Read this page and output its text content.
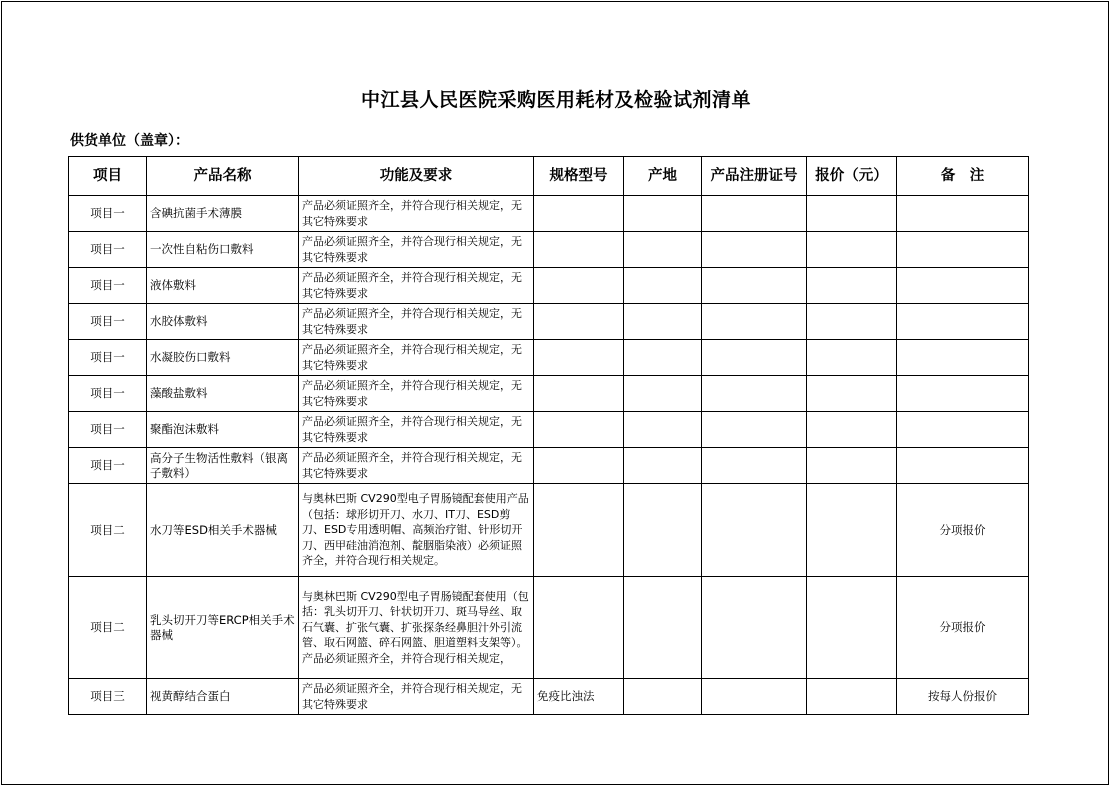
中江县人民医院采购医用耗材及检验试剂清单
供货单位（盖章）：
项目	产品名称	功能及要求	规格型号	产地	产品注册证号	报价（元）	备　注
项目一	含碘抗菌手术薄膜	产品必须证照齐全，并符合现行相关规定，无其它特殊要求					
项目一	一次性自粘伤口敷料	产品必须证照齐全，并符合现行相关规定，无其它特殊要求					
项目一	液体敷料	产品必须证照齐全，并符合现行相关规定，无其它特殊要求					
项目一	水胶体敷料	产品必须证照齐全，并符合现行相关规定，无其它特殊要求					
项目一	水凝胶伤口敷料	产品必须证照齐全，并符合现行相关规定，无其它特殊要求					
项目一	藻酸盐敷料	产品必须证照齐全，并符合现行相关规定，无其它特殊要求					
项目一	聚酯泡沫敷料	产品必须证照齐全，并符合现行相关规定，无其它特殊要求					
项目一	高分子生物活性敷料（银离子敷料）	产品必须证照齐全，并符合现行相关规定，无其它特殊要求					
项目二	水刀等ESD相关手术器械	与奥林巴斯 CV290型电子胃肠镜配套使用产品（包括：球形切开刀、水刀、IT刀、ESD剪刀、ESD专用透明帽、高频治疗钳、针形切开刀、西甲硅油消泡剂、靛胭脂染液）必须证照齐全，并符合现行相关规定。					分项报价
项目二	乳头切开刀等ERCP相关手术器械	与奥林巴斯 CV290型电子胃肠镜配套使用（包括：乳头切开刀、针状切开刀、斑马导丝、取石气囊、扩张气囊、扩张探条经鼻胆汁外引流管、取石网篮、碎石网篮、胆道塑料支架等）。产品必须证照齐全，并符合现行相关规定，					分项报价
项目三	视黄醇结合蛋白	产品必须证照齐全，并符合现行相关规定，无其它特殊要求	免疫比浊法				按每人份报价
